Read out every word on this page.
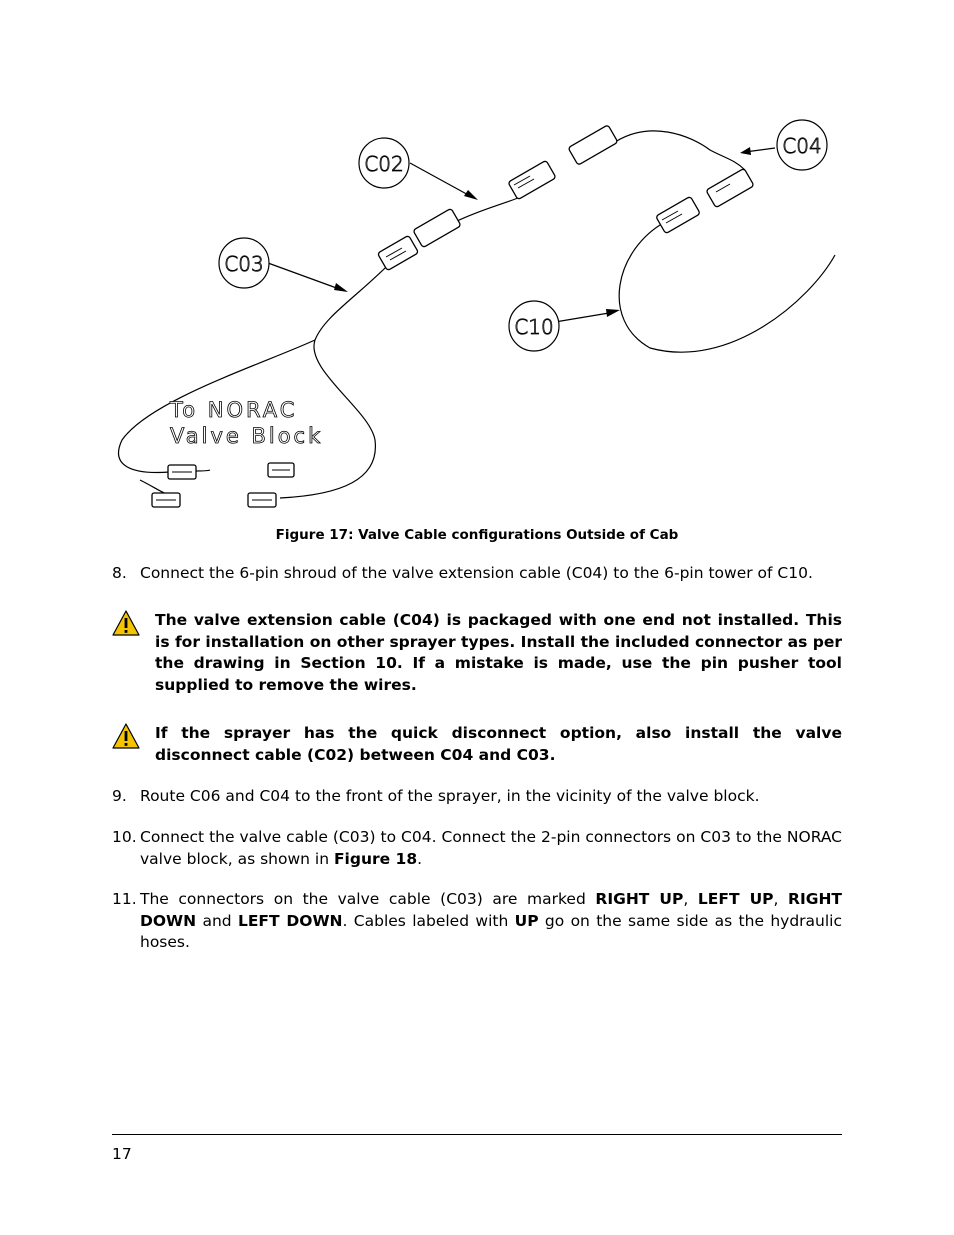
C02
C03
C04
C10
To NORAC
Valve Block
Figure 17: Valve Cable configurations Outside of Cab
8. Connect the 6-pin shroud of the valve extension cable (C04) to the 6-pin tower of C10.
The valve extension cable (C04) is packaged with one end not installed. This is for installation on other sprayer types. Install the included connector as per the drawing in Section 10. If a mistake is made, use the pin pusher tool supplied to remove the wires.
If the sprayer has the quick disconnect option, also install the valve disconnect cable (C02) between C04 and C03.
9. Route C06 and C04 to the front of the sprayer, in the vicinity of the valve block.
10. Connect the valve cable (C03) to C04. Connect the 2-pin connectors on C03 to the NORAC valve block, as shown in Figure 18.
11. The connectors on the valve cable (C03) are marked RIGHT UP, LEFT UP, RIGHT DOWN and LEFT DOWN. Cables labeled with UP go on the same side as the hydraulic hoses.
17
